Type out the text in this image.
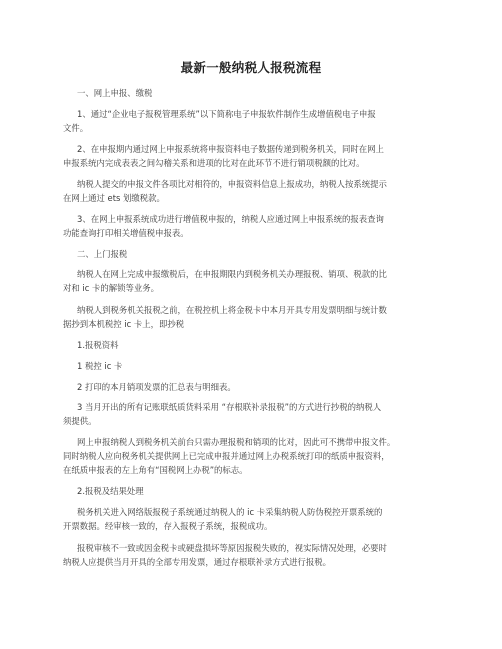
最新一般纳税人报税流程
一、网上申报、缴税
1、通过“企业电子报税管理系统”以下简称电子申报软件制作生成增值税电子申报
文件。
2、在申报期内通过网上申报系统将申报资料电子数据传递到税务机关，同时在网上
申报系统内完成表表之间勾稽关系和进项的比对在此环节不进行销项税额的比对。
纳税人提交的申报文件各项比对相符的，申报资料信息上报成功，纳税人按系统提示
在网上通过 ets 划缴税款。
3、在网上申报系统成功进行增值税申报的，纳税人应通过网上申报系统的报表查询
功能查询打印相关增值税申报表。
二、上门报税
纳税人在网上完成申报缴税后，在申报期限内到税务机关办理报税、销项、税款的比
对和 ic 卡的解锁等业务。
纳税人到税务机关报税之前，在税控机上将金税卡中本月开具专用发票明细与统计数
据抄到本机税控 ic 卡上，即抄税
1.报税资料
1 税控 ic 卡
2 打印的本月销项发票的汇总表与明细表。
3 当月开出的所有记账联纸质货料采用 “存根联补录报税”的方式进行抄税的纳税人
须提供。
网上申报纳税人到税务机关前台只需办理报税和销项的比对，因此可不携带申报文件。
同时纳税人应向税务机关提供网上已完成申报并通过网上办税系统打印的纸质申报资料，
在纸质申报表的左上角有“国税网上办税”的标志。
2.报税及结果处理
税务机关进入网络版报税子系统通过纳税人的 ic 卡采集纳税人防伪税控开票系统的
开票数据。经审核一致的，存入报税子系统，报税成功。
报税审核不一致或因金税卡或硬盘损坏等原因报税失败的，视实际情况处理，必要时
纳税人应提供当月开具的全部专用发票，通过存根联补录方式进行报税。
